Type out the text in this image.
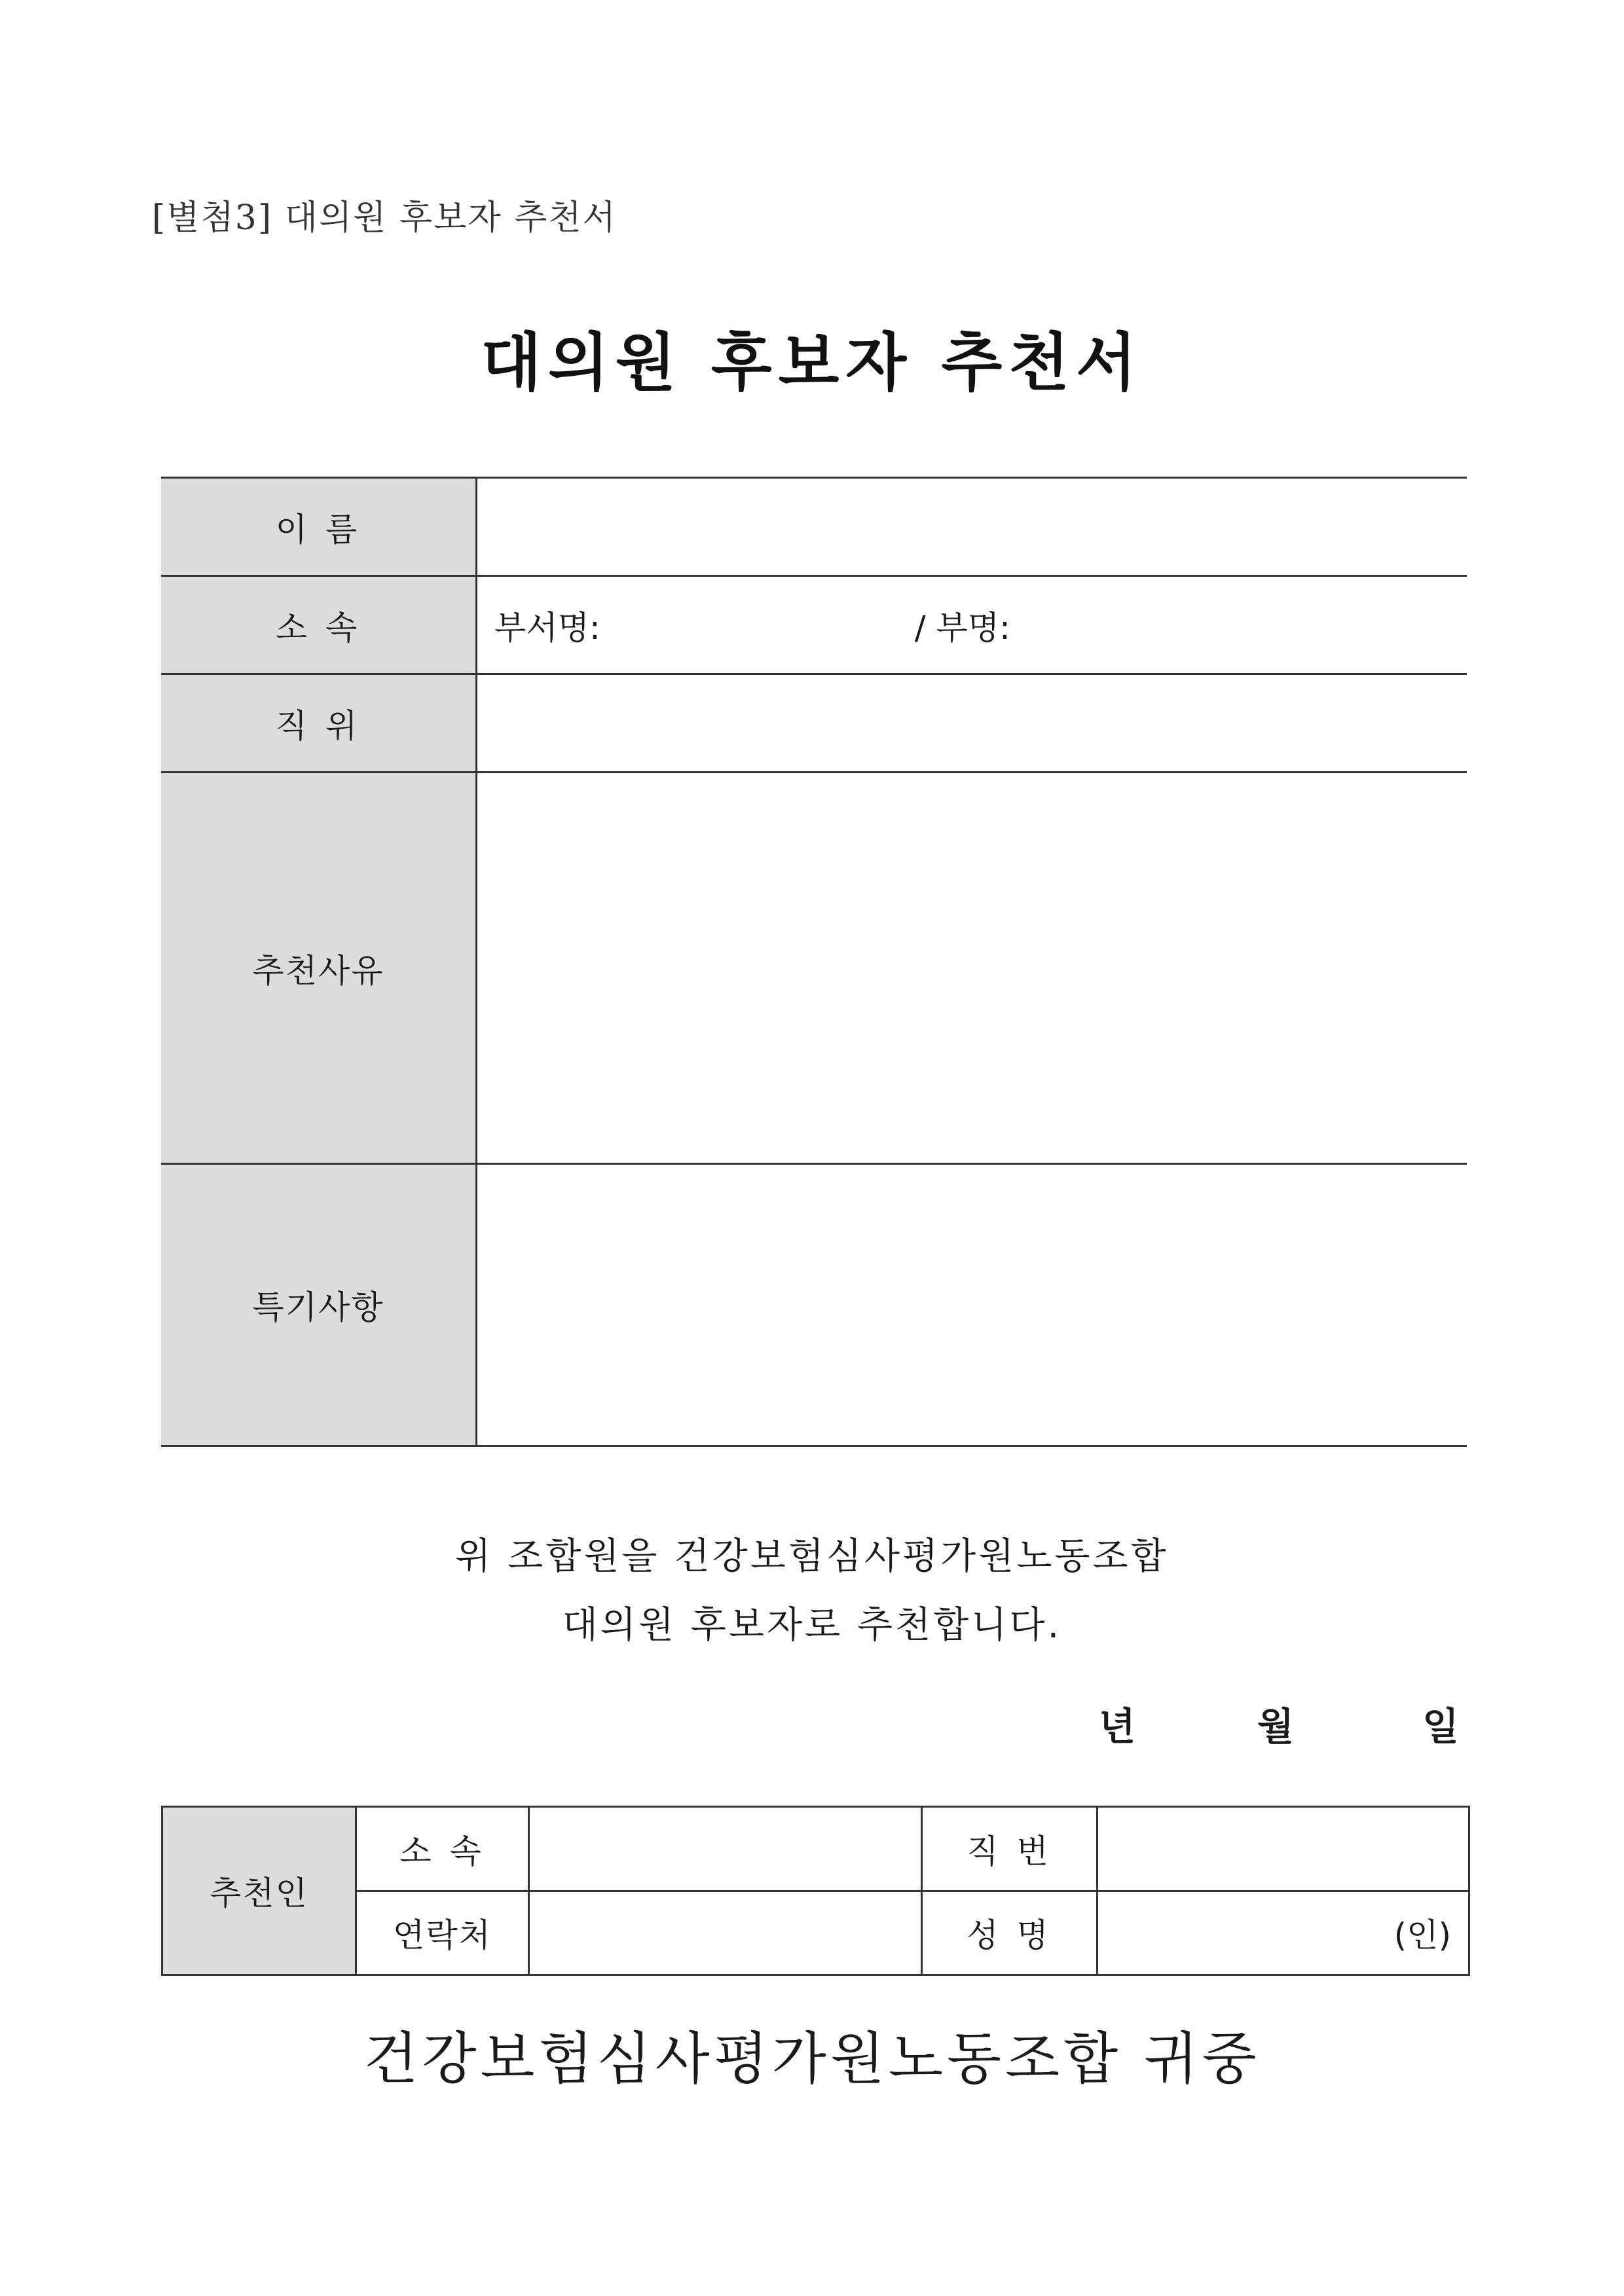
[별첨3] 대의원 후보자 추천서
대의원 후보자 추천서
이 름
소 속	부서명:	/ 부명:
직 위
추천사유
특기사항
위 조합원을 건강보험심사평가원노동조합
대의원 후보자로 추천합니다.
년	월	일
추천인	소 속		직 번	
	연락처		성 명	(인)
건강보험심사평가원노동조합 귀중
